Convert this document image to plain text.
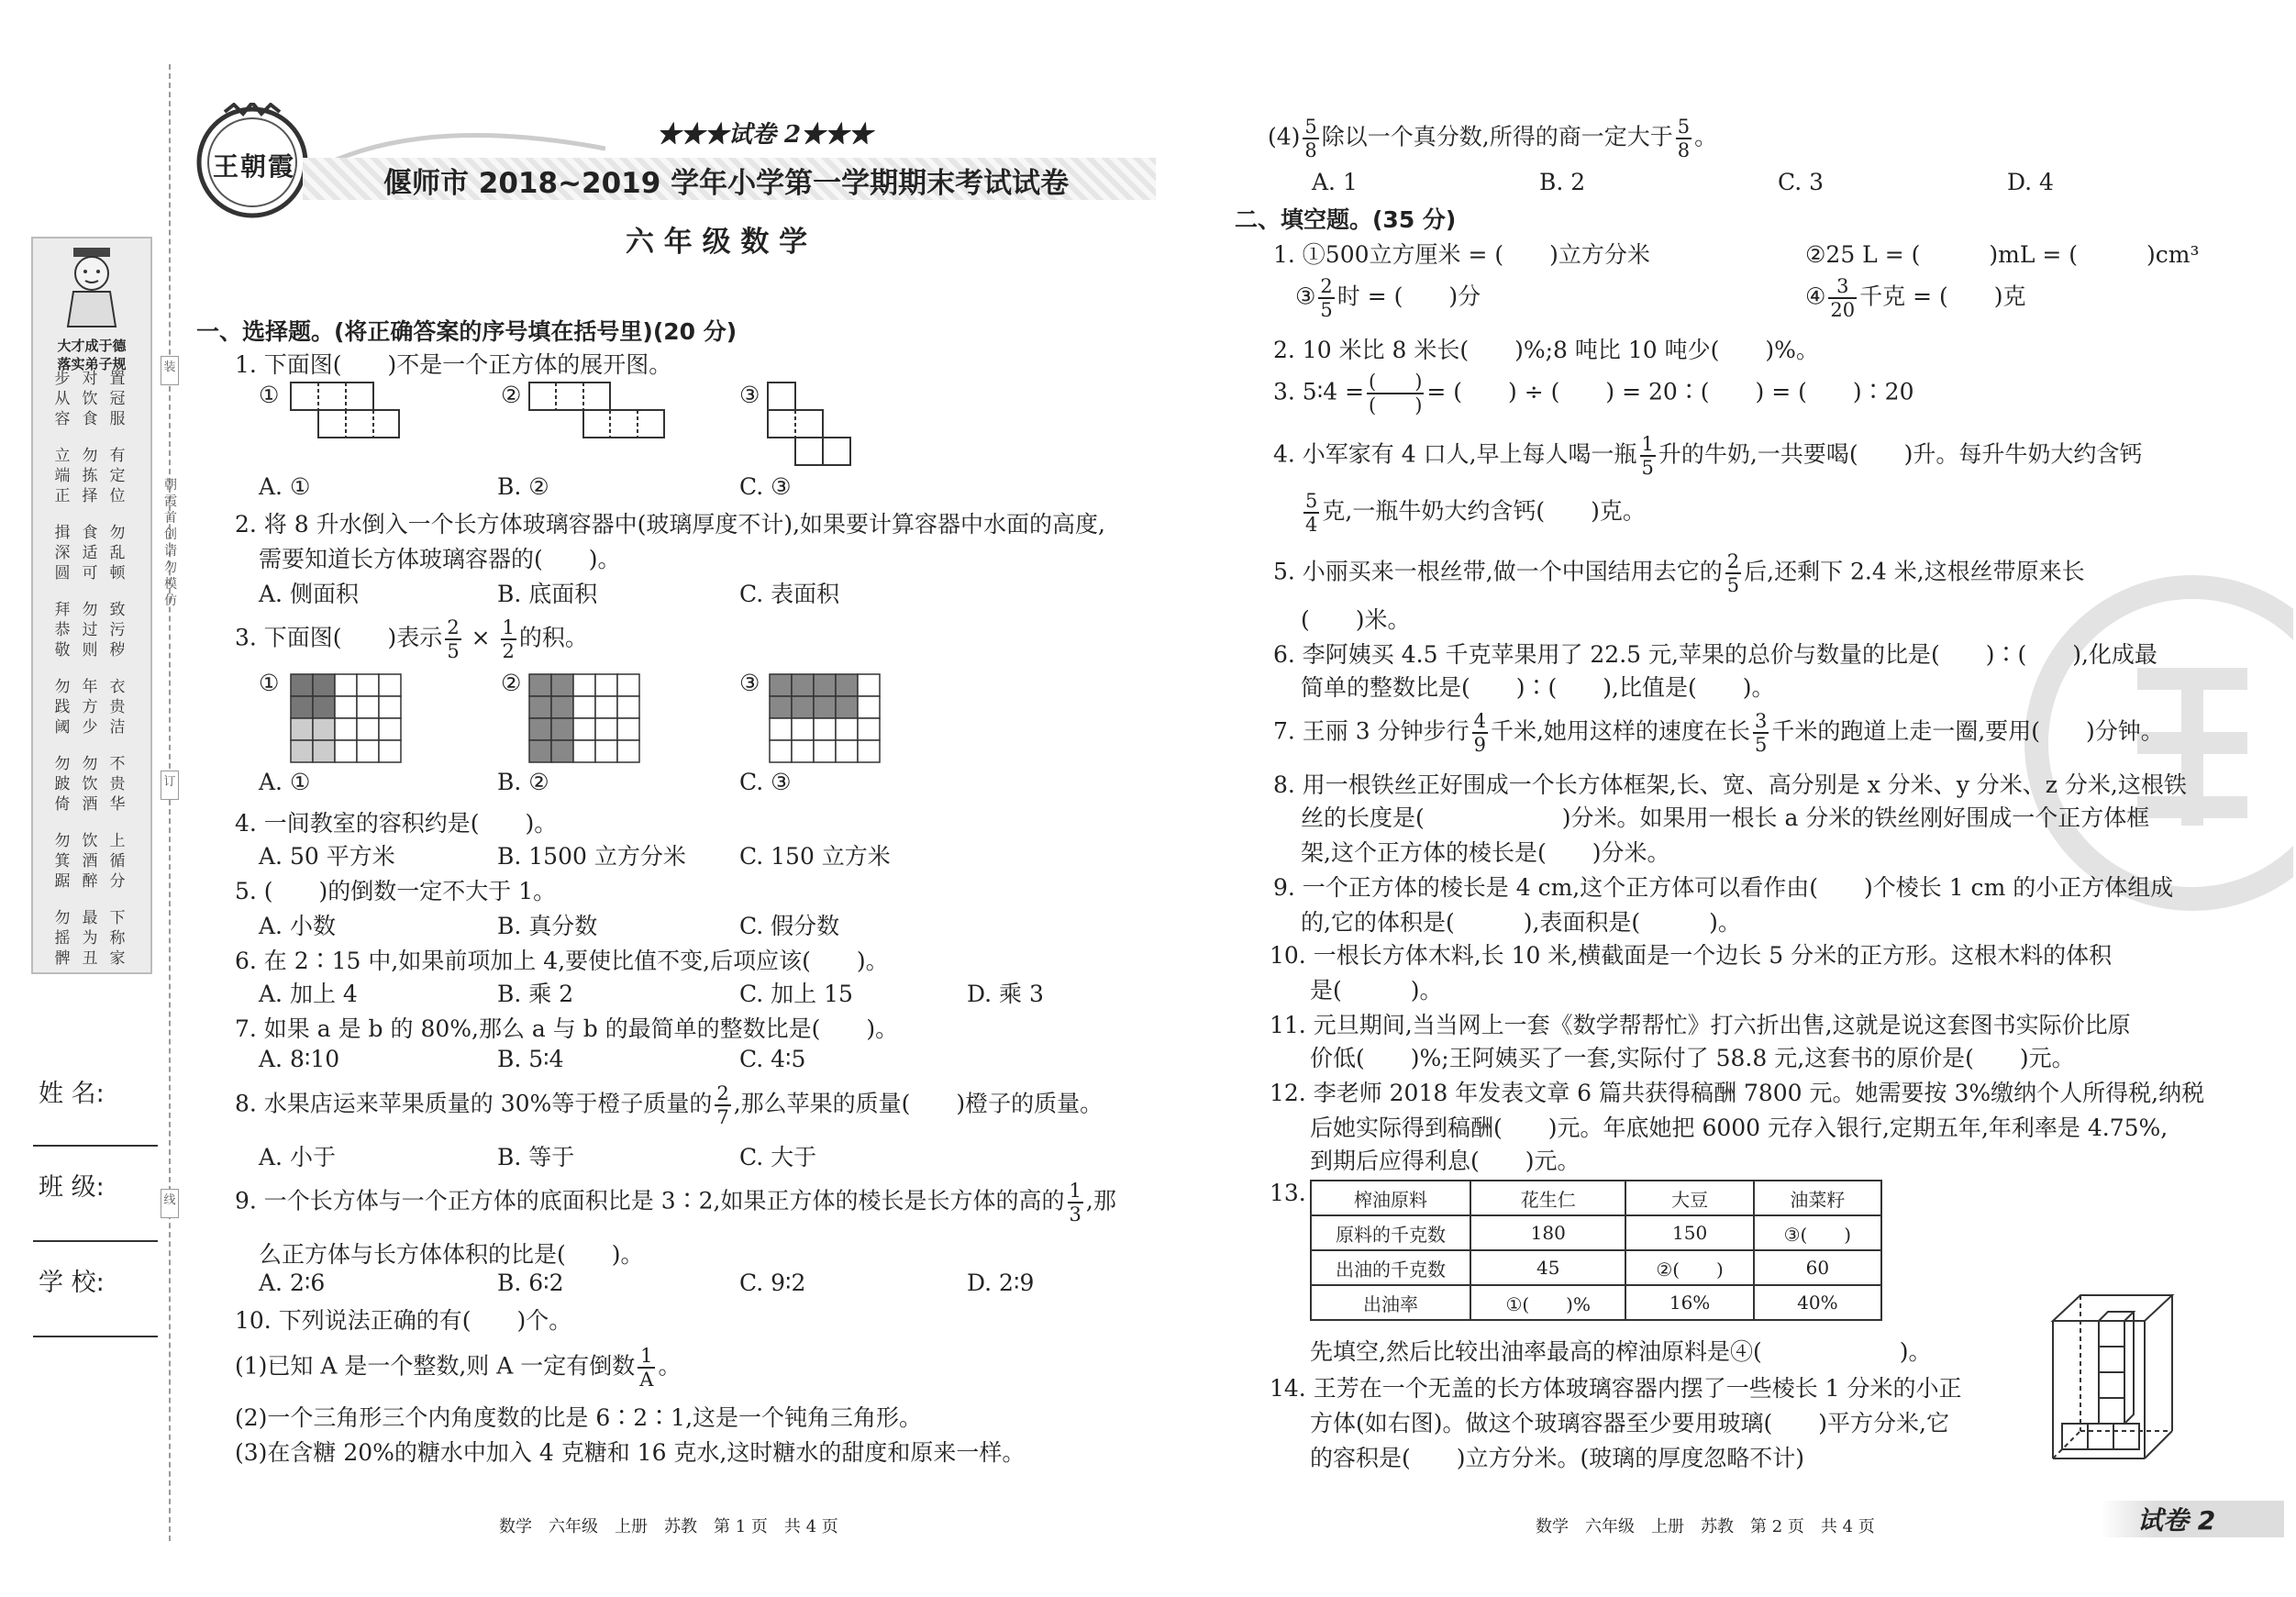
大才成于德
落实弟子规
步从容
对饮食
置冠服
立端正
勿拣择
有定位
揖深圆
食适可
勿乱顿
拜恭敬
勿过则
致污秽
勿践阈
年方少
衣贵洁
勿跛倚
勿饮酒
不贵华
勿箕踞
饮酒醉
上循分
勿摇髀
最为丑
下称家
姓 名:
班 级:
学 校:
装
订
线
朝霞首创 请勿模仿
王朝霞
★★★试卷 2★★★
偃师市 2018~2019 学年小学第一学期期末考试试卷
六 年 级 数 学
一、选择题。(将正确答案的序号填在括号里)(20 分)
1. 下面图(　　)不是一个正方体的展开图。
①	②	③
A. ①	B. ②	C. ③
2. 将 8 升水倒入一个长方体玻璃容器中(玻璃厚度不计),如果要计算容器中水面的高度,
需要知道长方体玻璃容器的(　　)。
A. 侧面积	B. 底面积	C. 表面积
3. 下面图(　　)表示 $\frac{2}{5} \times \frac{1}{2}$ 的积。
①	②	③
A. ①	B. ②	C. ③
4. 一间教室的容积约是(　　)。
A. 50 平方米	B. 1500 立方分米 C. 150 立方米
5. (　　)的倒数一定不大于 1。
A. 小数	B. 真分数	C. 假分数
6. 在 2∶15 中,如果前项加上 4,要使比值不变,后项应该(　　)。
A. 加上 4	B. 乘 2	C. 加上 15	D. 乘 3
7. 如果 a 是 b 的 80%,那么 a 与 b 的最简单的整数比是(　　)。
A. 8∶10	B. 5∶4	C. 4∶5
8. 水果店运来苹果质量的 30%等于橙子质量的 $\frac{2}{7}$ ,那么苹果的质量(　　)橙子的质量。
A. 小于	B. 等于	C. 大于
9. 一个长方体与一个正方体的底面积比是 3∶2,如果正方体的棱长是长方体的高的 $\frac{1}{3}$ ,那
么正方体与长方体体积的比是(　　)。
A. 2∶6	B. 6∶2	C. 9∶2	D. 2∶9
10. 下列说法正确的有(　　)个。
(1)已知 A 是一个整数,则 A 一定有倒数 $\frac{1}{A}$ 。
(2)一个三角形三个内角度数的比是 6∶2∶1,这是一个钝角三角形。
(3)在含糖 20%的糖水中加入 4 克糖和 16 克水,这时糖水的甜度和原来一样。
数学　六年级　上册　苏教　第 1 页　共 4 页
$(4) \frac{5}{8}$ 除以一个真分数,所得的商一定大于 $\frac{5}{8}$ 。
A. 1	B. 2	C. 3	D. 4
二、填空题。(35 分)
1. ①500立方厘米 = (　　)立方分米	②25 L = (　　　)mL = (　　　)cm³
③ $\frac{2}{5}$ 时 = (　　)分	④ $\frac{3}{20}$ 千克 = (　　)克
2. 10 米比 8 米长(　　)%;8 吨比 10 吨少(　　)%。
3. 5∶4 = $\frac{( )}{( )}$ = (　　) ÷ (　　) = 20∶(　　) = (　　)∶20
4. 小军家有 4 口人,早上每人喝一瓶 $\frac{1}{5}$ 升的牛奶,一共要喝(　　)升。每升牛奶大约含钙
$\frac{5}{4}$ 克,一瓶牛奶大约含钙(　　)克。
5. 小丽买来一根丝带,做一个中国结用去它的 $\frac{2}{5}$ 后,还剩下 2.4 米,这根丝带原来长
(　　)米。
6. 李阿姨买 4.5 千克苹果用了 22.5 元,苹果的总价与数量的比是(　　)∶(　　),化成最
简单的整数比是(　　)∶(　　),比值是(　　)。
7. 王丽 3 分钟步行 $\frac{4}{9}$ 千米,她用这样的速度在长 $\frac{3}{5}$ 千米的跑道上走一圈,要用(　　)分钟。
8. 用一根铁丝正好围成一个长方体框架,长、宽、高分别是 x 分米、y 分米、z 分米,这根铁
丝的长度是(　　　　　　)分米。如果用一根长 a 分米的铁丝刚好围成一个正方体框
架,这个正方体的棱长是(　　)分米。
9. 一个正方体的棱长是 4 cm,这个正方体可以看作由(　　)个棱长 1 cm 的小正方体组成
的,它的体积是(　　　),表面积是(　　　)。
10. 一根长方体木料,长 10 米,横截面是一个边长 5 分米的正方形。这根木料的体积
是(　　　)。
11. 元旦期间,当当网上一套《数学帮帮忙》打六折出售,这就是说这套图书实际价比原
价低(　　)%;王阿姨买了一套,实际付了 58.8 元,这套书的原价是(　　)元。
12. 李老师 2018 年发表文章 6 篇共获得稿酬 7800 元。她需要按 3%缴纳个人所得税,纳税
后她实际得到稿酬(　　)元。年底她把 6000 元存入银行,定期五年,年利率是 4.75%,
到期后应得利息(　　)元。
13.	榨油原料	花生仁	大豆	油菜籽
原料的千克数	180	150	③(　　)
出油的千克数	45	②(　　)	60
出油率	①(　　)%	16%	40%
先填空,然后比较出油率最高的榨油原料是④(　　　　　　)。
14. 王芳在一个无盖的长方体玻璃容器内摆了一些棱长 1 分米的小正
方体(如右图)。做这个玻璃容器至少要用玻璃(　　)平方分米,它
的容积是(　　)立方分米。(玻璃的厚度忽略不计)
数学　六年级　上册　苏教　第 2 页　共 4 页	试卷 2
